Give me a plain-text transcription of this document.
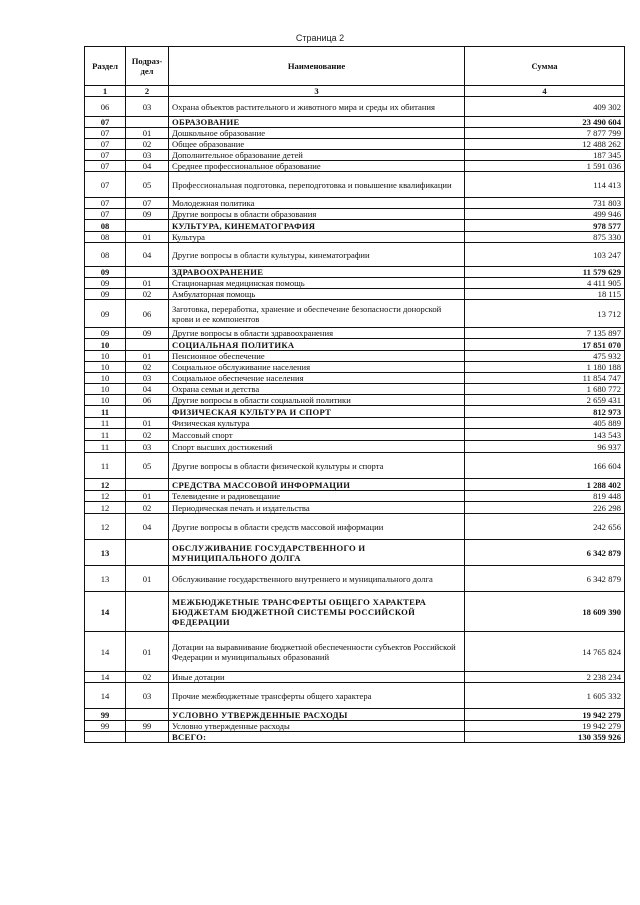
Страница 2
Раздел	Подраз-дел	Наименование	Сумма
1	2	3	4
06	03	Охрана объектов растительного и животного мира и среды их обитания	409 302
07		ОБРАЗОВАНИЕ	23 490 604
07	01	Дошкольное образование	7 877 799
07	02	Общее образование	12 488 262
07	03	Дополнительное образование детей	187 345
07	04	Среднее профессиональное образование	1 591 036
07	05	Профессиональная подготовка, переподготовка и повышение квалификации	114 413
07	07	Молодежная политика	731 803
07	09	Другие вопросы в области образования	499 946
08		КУЛЬТУРА, КИНЕМАТОГРАФИЯ	978 577
08	01	Культура	875 330
08	04	Другие вопросы в области культуры, кинематографии	103 247
09		ЗДРАВООХРАНЕНИЕ	11 579 629
09	01	Стационарная медицинская помощь	4 411 905
09	02	Амбулаторная помощь	18 115
09	06	Заготовка, переработка, хранение и обеспечение безопасности донорской крови и ее компонентов	13 712
09	09	Другие вопросы в области здравоохранения	7 135 897
10		СОЦИАЛЬНАЯ ПОЛИТИКА	17 851 070
10	01	Пенсионное обеспечение	475 932
10	02	Социальное обслуживание населения	1 180 188
10	03	Социальное обеспечение населения	11 854 747
10	04	Охрана семьи и детства	1 680 772
10	06	Другие вопросы в области социальной политики	2 659 431
11		ФИЗИЧЕСКАЯ КУЛЬТУРА И СПОРТ	812 973
11	01	Физическая культура	405 889
11	02	Массовый спорт	143 543
11	03	Спорт высших достижений	96 937
11	05	Другие вопросы в области физической культуры и спорта	166 604
12		СРЕДСТВА МАССОВОЙ ИНФОРМАЦИИ	1 288 402
12	01	Телевидение и радиовещание	819 448
12	02	Периодическая печать и издательства	226 298
12	04	Другие вопросы в области средств массовой информации	242 656
13		ОБСЛУЖИВАНИЕ ГОСУДАРСТВЕННОГО И МУНИЦИПАЛЬНОГО ДОЛГА	6 342 879
13	01	Обслуживание государственного внутреннего и муниципального долга	6 342 879
14		МЕЖБЮДЖЕТНЫЕ ТРАНСФЕРТЫ ОБЩЕГО ХАРАКТЕРА БЮДЖЕТАМ БЮДЖЕТНОЙ СИСТЕМЫ РОССИЙСКОЙ ФЕДЕРАЦИИ	18 609 390
14	01	Дотации на выравнивание бюджетной обеспеченности субъектов Российской Федерации и муниципальных образований	14 765 824
14	02	Иные дотации	2 238 234
14	03	Прочие межбюджетные трансферты общего характера	1 605 332
99		УСЛОВНО УТВЕРЖДЕННЫЕ РАСХОДЫ	19 942 279
99	99	Условно утвержденные расходы	19 942 279
		ВСЕГО:	130 359 926
